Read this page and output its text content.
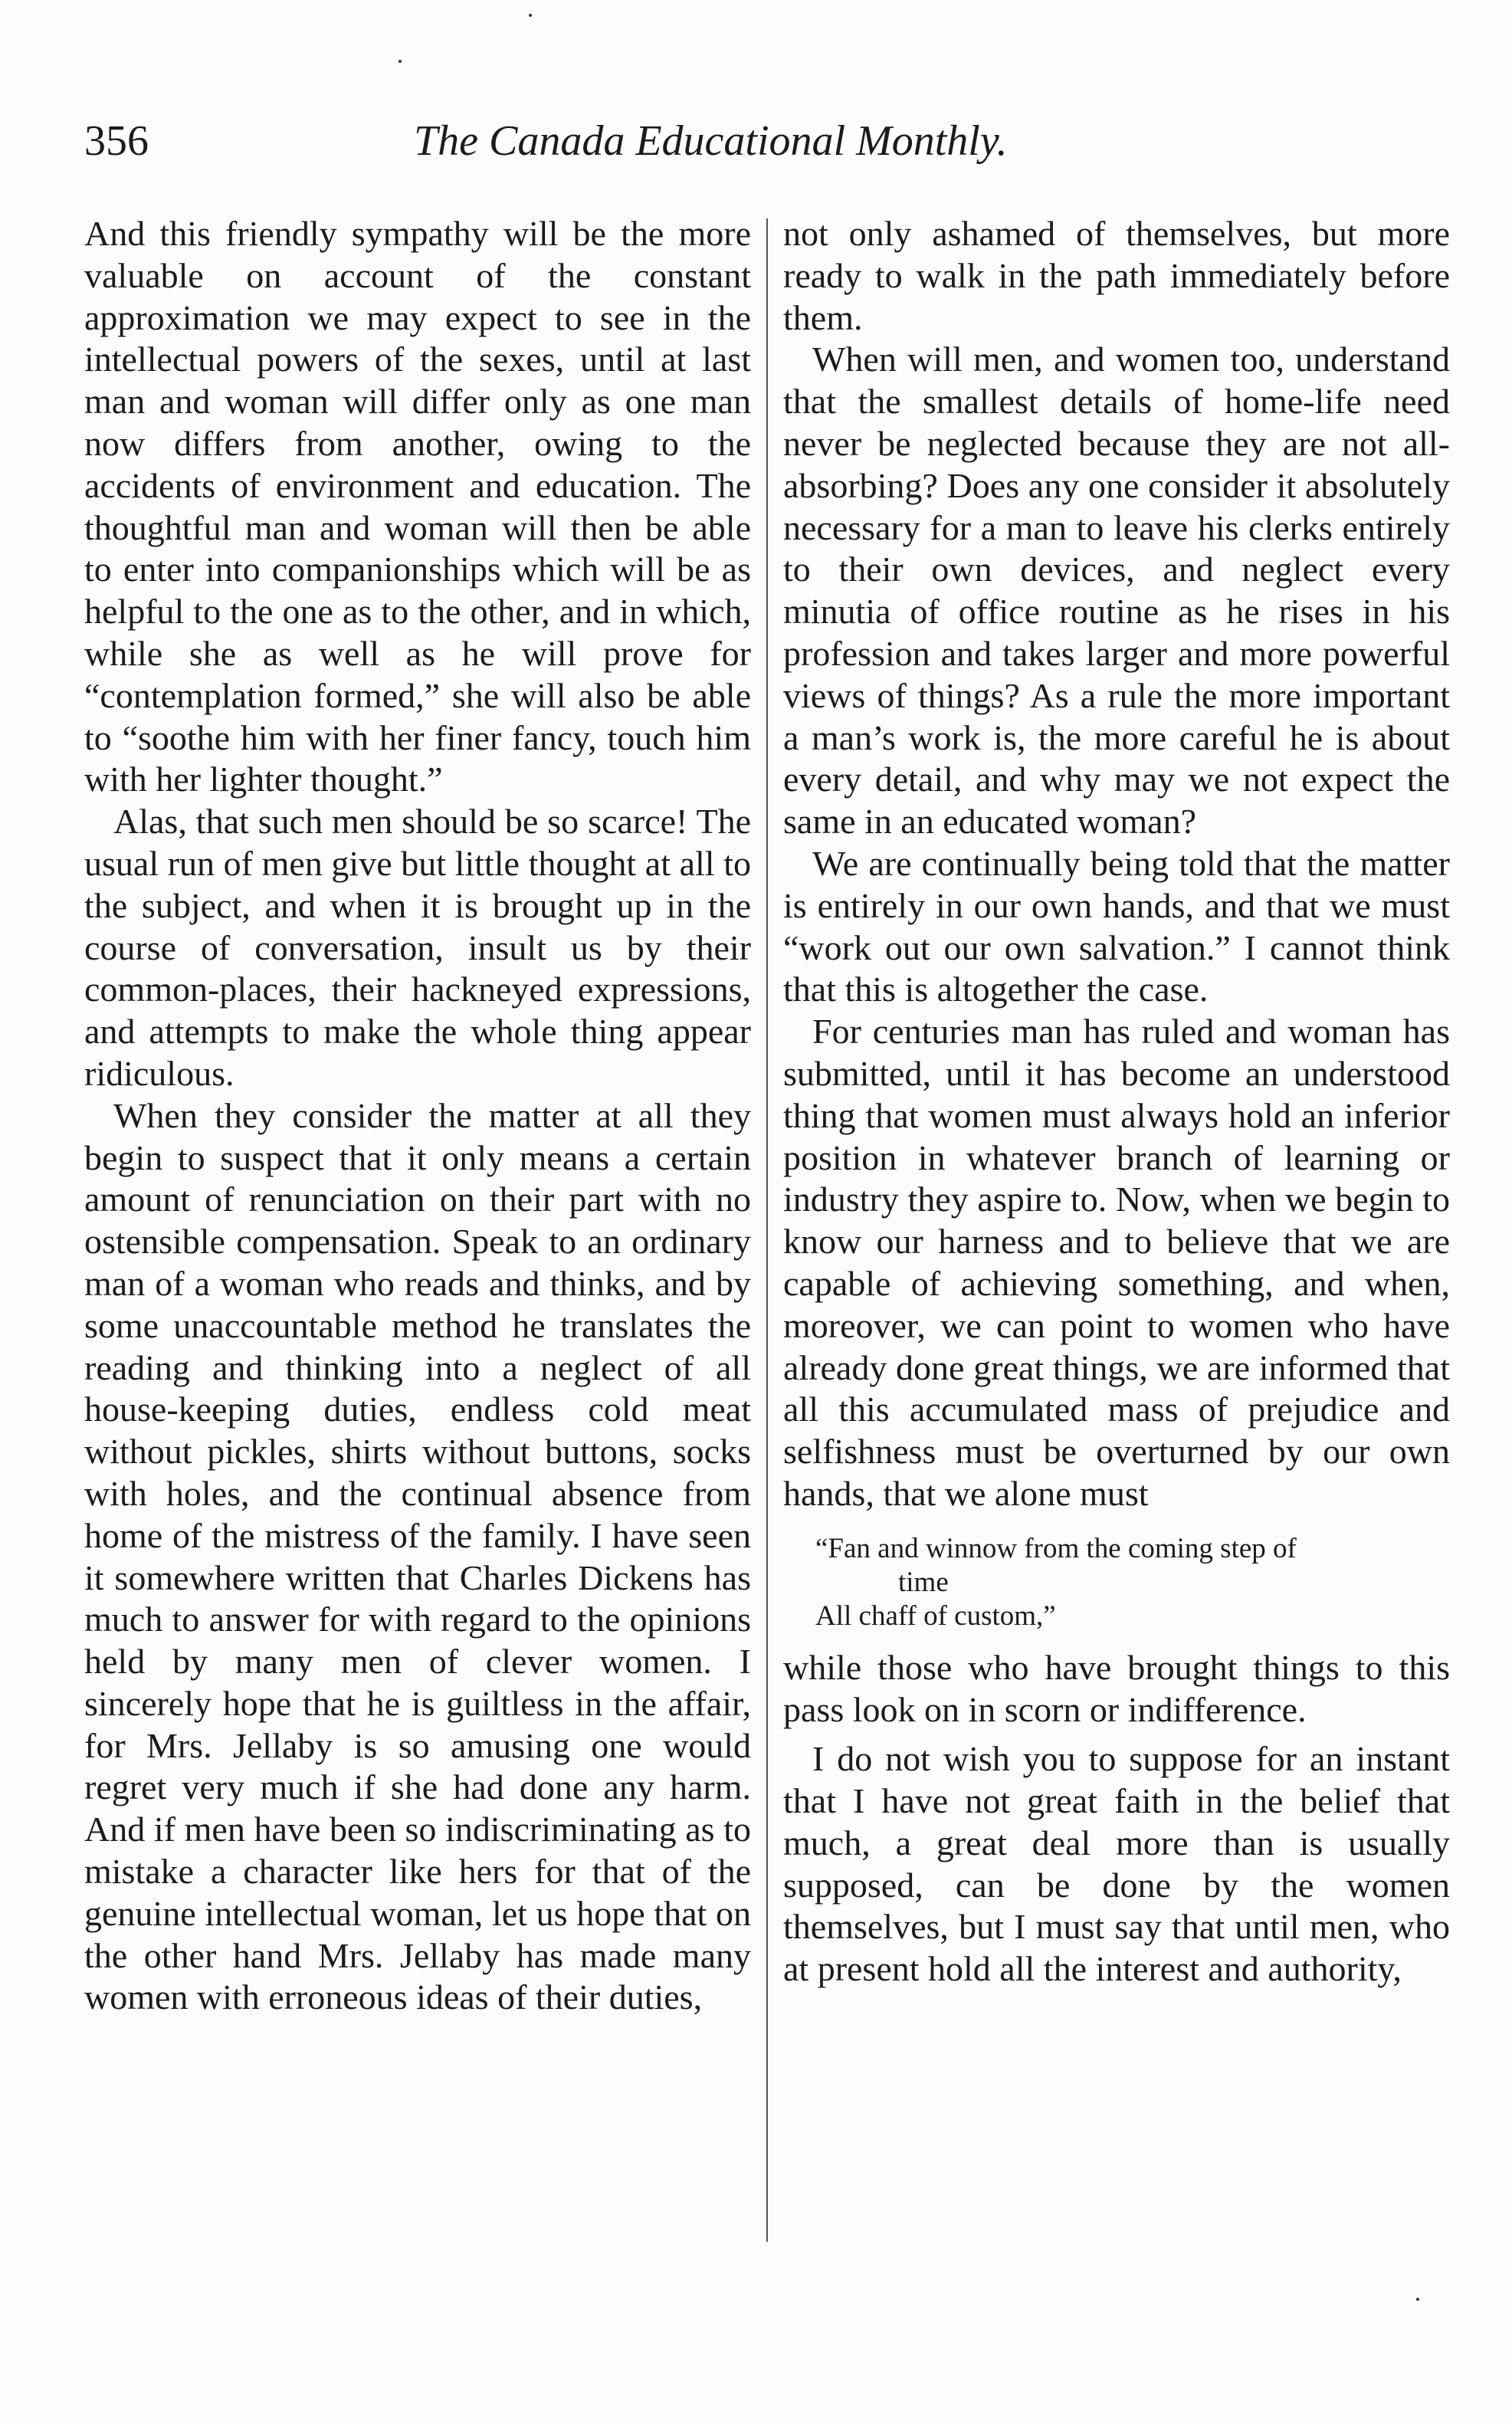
356	The Canada Educational Monthly.

And this friendly sympathy will be the more valuable on account of the constant approximation we may expect to see in the intellectual powers of the sexes, until at last man and woman will differ only as one man now differs from another, owing to the accidents of environment and education. The thoughtful man and woman will then be able to enter into companionships which will be as helpful to the one as to the other, and in which, while she as well as he will prove for “contemplation formed,” she will also be able to “soothe him with her finer fancy, touch him with her lighter thought.”

Alas, that such men should be so scarce! The usual run of men give but little thought at all to the subject, and when it is brought up in the course of conversation, insult us by their common-places, their hackneyed expressions, and attempts to make the whole thing appear ridiculous.

When they consider the matter at all they begin to suspect that it only means a certain amount of renunciation on their part with no ostensible compensation. Speak to an ordinary man of a woman who reads and thinks, and by some unaccountable method he translates the reading and thinking into a neglect of all house-keeping duties, endless cold meat without pickles, shirts without buttons, socks with holes, and the continual absence from home of the mistress of the family. I have seen it somewhere written that Charles Dickens has much to answer for with regard to the opinions held by many men of clever women. I sincerely hope that he is guiltless in the affair, for Mrs. Jellaby is so amusing one would regret very much if she had done any harm. And if men have been so indiscriminating as to mistake a character like hers for that of the genuine intellectual woman, let us hope that on the other hand Mrs. Jellaby has made many women with erroneous ideas of their duties,

not only ashamed of themselves, but more ready to walk in the path immediately before them.

When will men, and women too, understand that the smallest details of home-life need never be neglected because they are not all-absorbing? Does any one consider it absolutely necessary for a man to leave his clerks entirely to their own devices, and neglect every minutia of office routine as he rises in his profession and takes larger and more powerful views of things? As a rule the more important a man’s work is, the more careful he is about every detail, and why may we not expect the same in an educated woman?

We are continually being told that the matter is entirely in our own hands, and that we must “work out our own salvation.” I cannot think that this is altogether the case.

For centuries man has ruled and woman has submitted, until it has become an understood thing that women must always hold an inferior position in whatever branch of learning or industry they aspire to. Now, when we begin to know our harness and to believe that we are capable of achieving something, and when, moreover, we can point to women who have already done great things, we are informed that all this accumulated mass of prejudice and selfishness must be overturned by our own hands, that we alone must

“Fan and winnow from the coming step of
time
All chaff of custom,”

while those who have brought things to this pass look on in scorn or indifference.

I do not wish you to suppose for an instant that I have not great faith in the belief that much, a great deal more than is usually supposed, can be done by the women themselves, but I must say that until men, who at present hold all the interest and authority,
